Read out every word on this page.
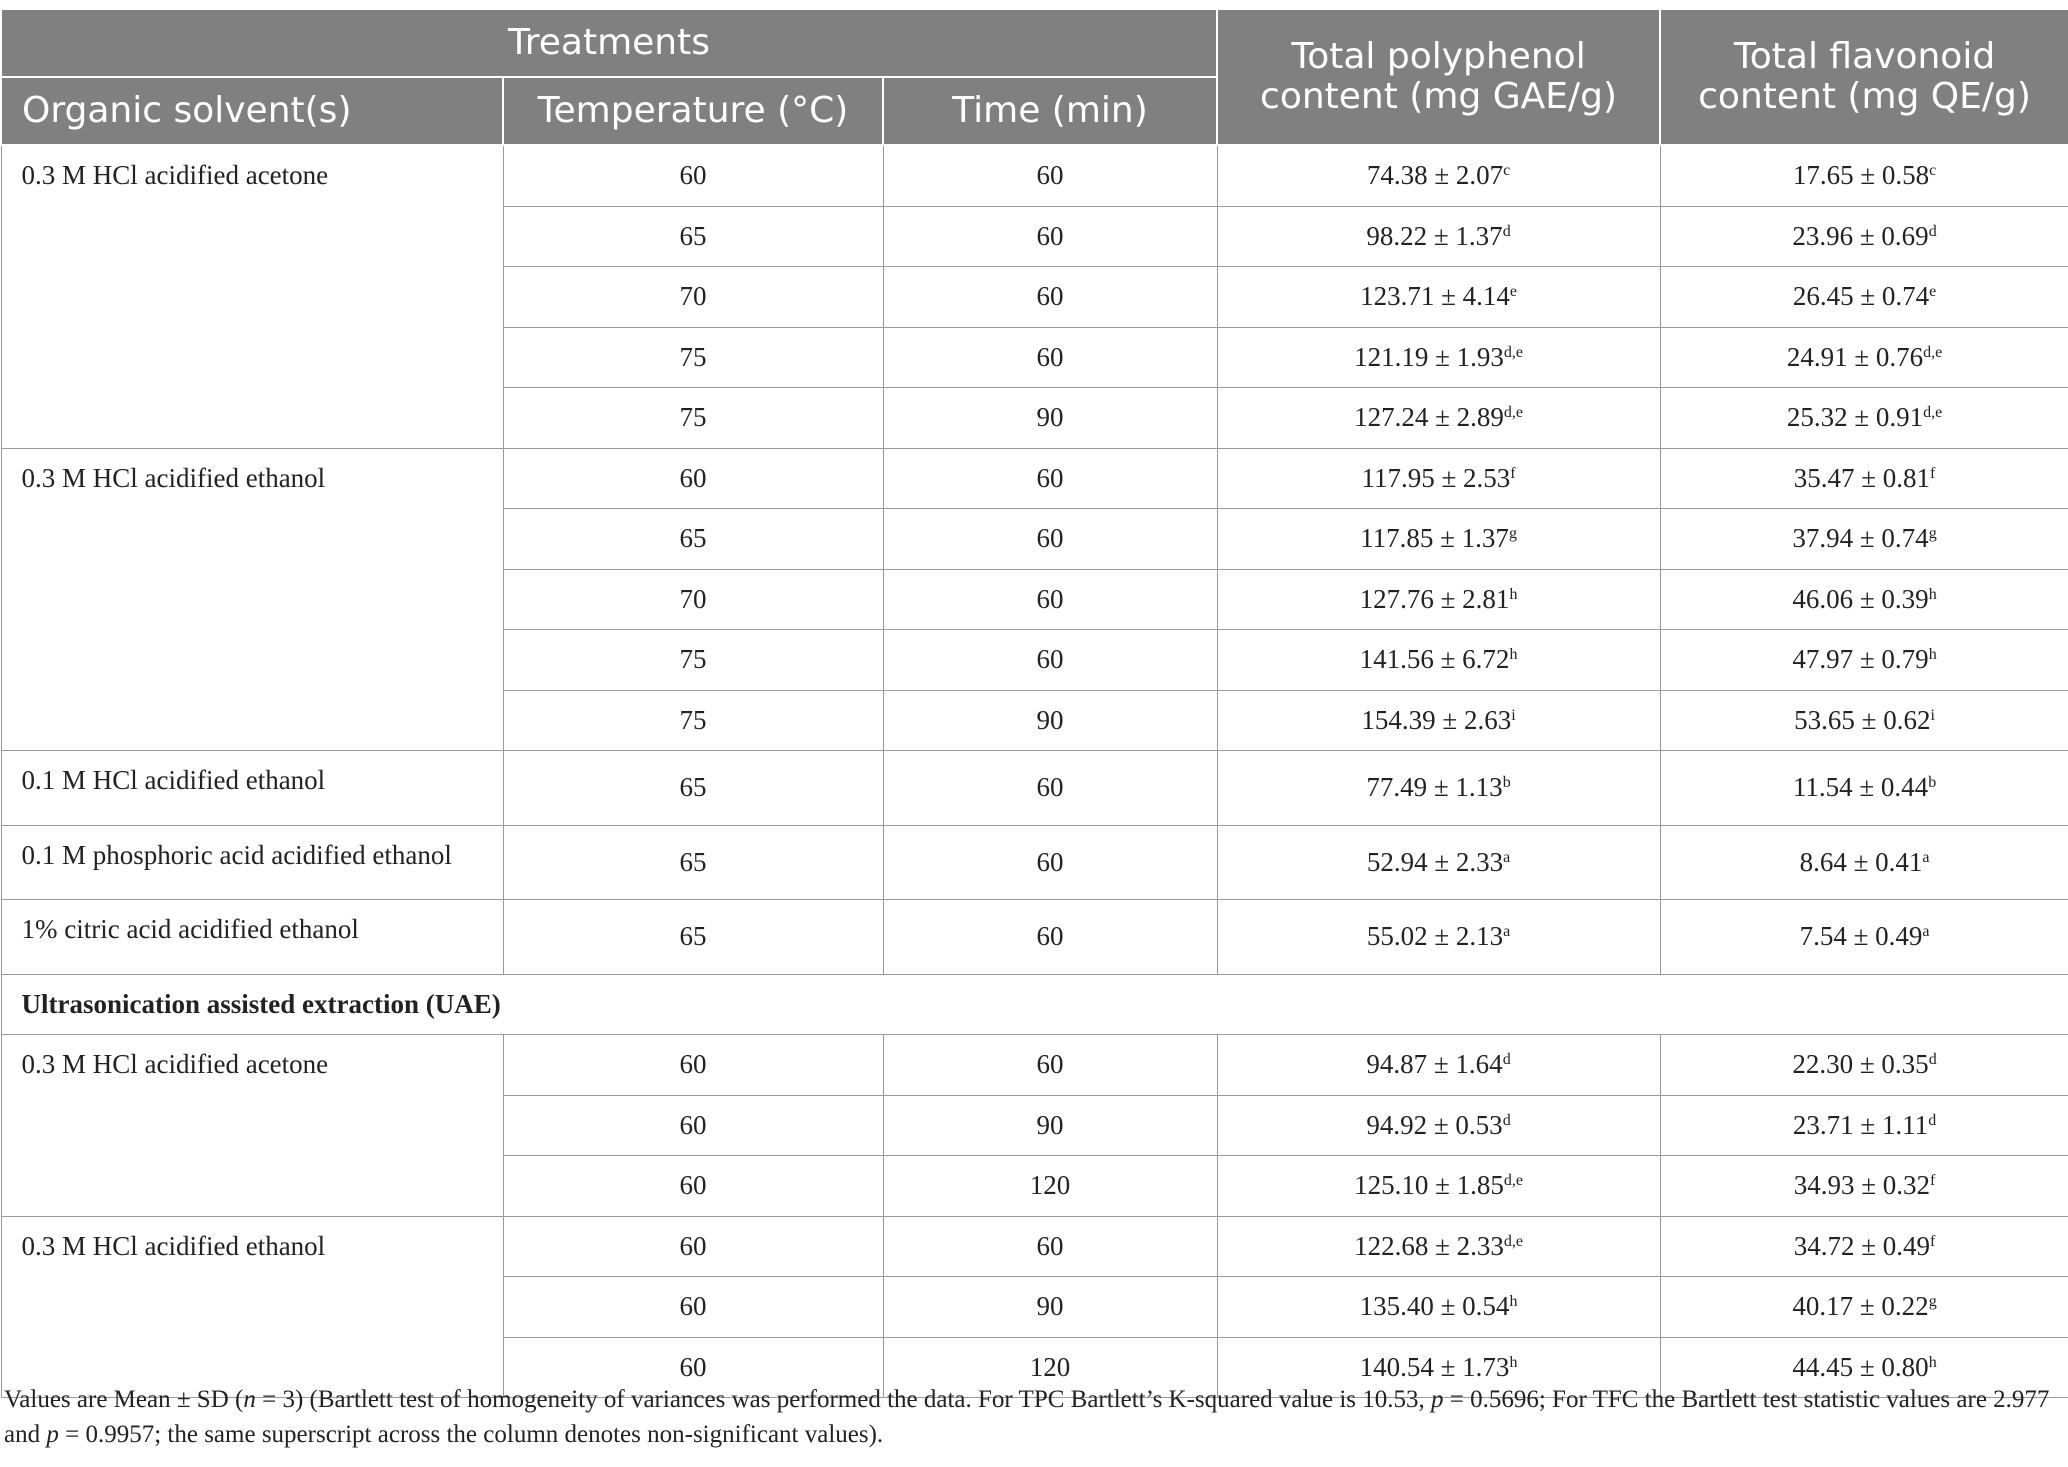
Treatments			Total polyphenol content (mg GAE/g)	Total flavonoid content (mg QE/g)
Organic solvent(s)	Temperature (°C)	Time (min)		
0.3 M HCl acidified acetone	60	60	74.38 ± 2.07$^c$	17.65 ± 0.58$^c$
	65	60	98.22 ± 1.37$^d$	23.96 ± 0.69$^d$
	70	60	123.71 ± 4.14$^e$	26.45 ± 0.74$^e$
	75	60	$121.19 \pm 1.93^{d,e}$	$24.91 \pm 0.76^{d,e}$
	75	90	$127.24 \pm 2.89^{d,e}$	$25.32 \pm 0.91^{d,e}$
0.3 M HCl acidified ethanol	60	60	117.95 ± 2.53$^f$	35.47 ± 0.81$^f$
	65	60	117.85 ± 1.37$^g$	37.94 ± 0.74$^g$
	70	60	127.76 ± 2.81$^h$	46.06 ± 0.39$^h$
	75	60	141.56 ± 6.72$^h$	47.97 ± 0.79$^h$
	75	90	$154.39 \pm 2.63^i$	$53.65 \pm 0.62^i$
0.1 M HCl acidified ethanol	65	60	77.49 ± 1.13$^b$	11.54 ± 0.44$^b$
0.1 M phosphoric acid acidified ethanol	65	60	52.94 ± 2.33$^a$	8.64 ± 0.41$^a$
1% citric acid acidified ethanol	65	60	55.02 ± 2.13$^a$	7.54 ± 0.49$^a$
Ultrasonication assisted extraction (UAE)				
0.3 M HCl acidified acetone	60	60	94.87 ± 1.64$^d$	22.30 ± 0.35$^d$
	60	90	94.92 ± 0.53$^d$	23.71 ± 1.11$^d$
	60	120	$125.10 \pm 1.85^{d,e}$	34.93 ± 0.32$^f$
0.3 M HCl acidified ethanol	60	60	$122.68 \pm 2.33^{d,e}$	34.72 ± 0.49$^f$
	60	90	135.40 ± 0.54$^h$	40.17 ± 0.22$^g$
	60	120	140.54 ± 1.73$^h$	44.45 ± 0.80$^h$
Values are Mean ± SD (n = 3) (Bartlett test of homogeneity of variances was performed the data. For TPC Bartlett’s K-squared value is 10.53, p = 0.5696; For TFC the Bartlett test statistic values are 2.977 and p = 0.9957; the same superscript across the column denotes non-significant values).
